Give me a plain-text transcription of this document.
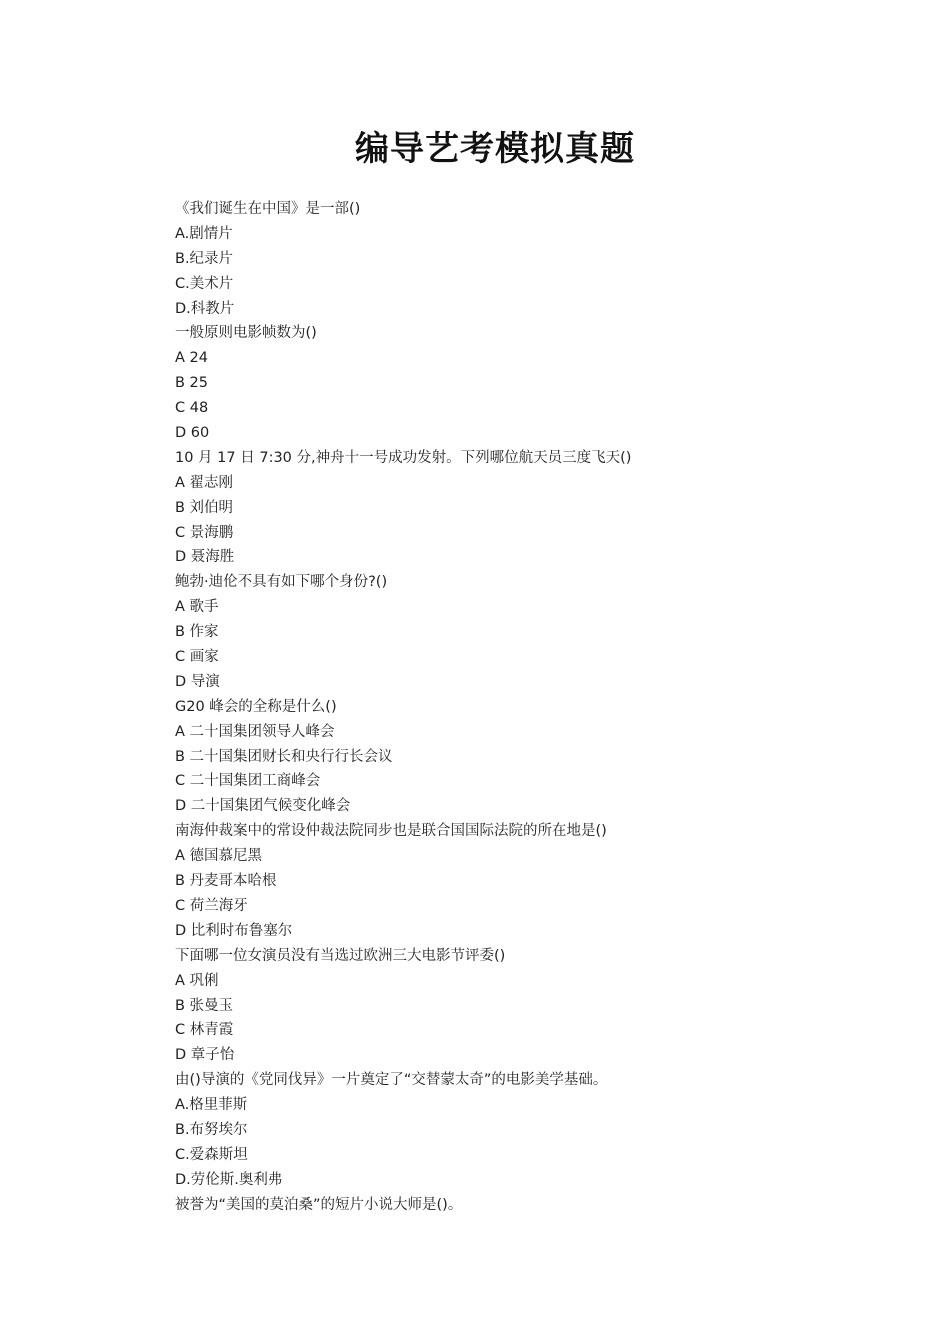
编导艺考模拟真题
《我们诞生在中国》是一部()
A.剧情片
B.纪录片
C.美术片
D.科教片
一般原则电影帧数为()
A 24
B 25
C 48
D 60
10 月 17 日 7:30 分,神舟十一号成功发射。下列哪位航天员三度飞天()
A 翟志刚
B 刘伯明
C 景海鹏
D 聂海胜
鲍勃·迪伦不具有如下哪个身份?()
A 歌手
B 作家
C 画家
D 导演
G20 峰会的全称是什么()
A 二十国集团领导人峰会
B 二十国集团财长和央行行长会议
C 二十国集团工商峰会
D 二十国集团气候变化峰会
南海仲裁案中的常设仲裁法院同步也是联合国国际法院的所在地是()
A 德国慕尼黑
B 丹麦哥本哈根
C 荷兰海牙
D 比利时布鲁塞尔
下面哪一位女演员没有当选过欧洲三大电影节评委()
A 巩俐
B 张曼玉
C 林青霞
D 章子怡
由()导演的《党同伐异》一片奠定了“交替蒙太奇”的电影美学基础。
A.格里菲斯
B.布努埃尔
C.爱森斯坦
D.劳伦斯.奥利弗
被誉为“美国的莫泊桑”的短片小说大师是()。
